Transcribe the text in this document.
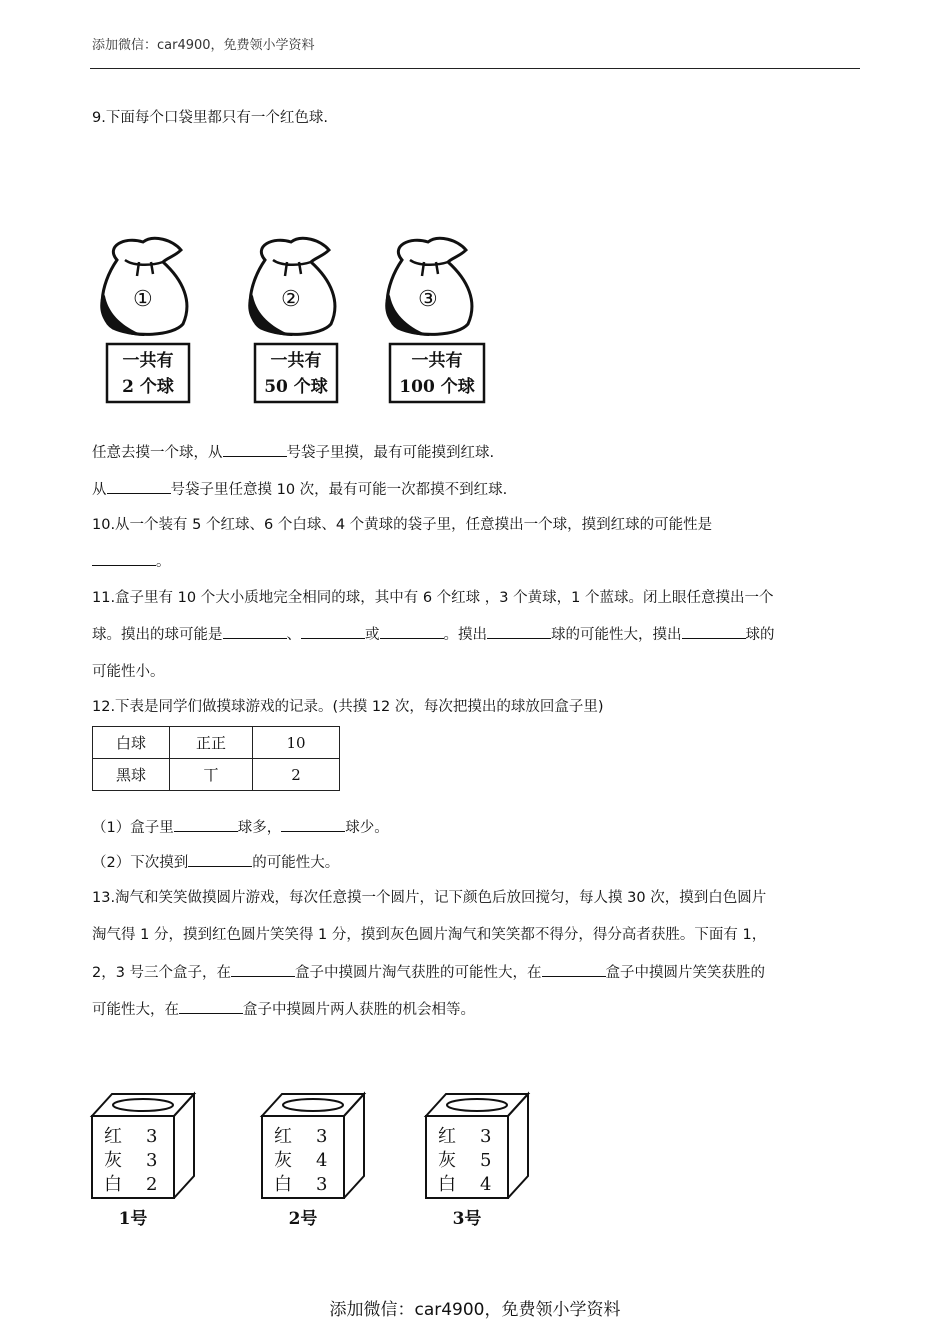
添加微信：car4900，免费领小学资料
9.下面每个口袋里都只有一个红色球.
①
一共有
2 个球
②
一共有
50 个球
③
一共有
100 个球
任意去摸一个球，从	号袋子里摸，最有可能摸到红球.
从	号袋子里任意摸 10 次，最有可能一次都摸不到红球.
10.从一个装有 5 个红球、6 个白球、4 个黄球的袋子里，任意摸出一个球，摸到红球的可能性是
。
11.盒子里有 10 个大小质地完全相同的球，其中有 6 个红球 ，3 个黄球，1 个蓝球。闭上眼任意摸出一个
球。摸出的球可能是	、	或	。摸出	球的可能性大，摸出	球的
可能性小。
12.下表是同学们做摸球游戏的记录。(共摸 12 次，每次把摸出的球放回盒子里)
白球	正正	10
黑球	丅	2
（1）盒子里	球多，	球少。
（2）下次摸到	的可能性大。
13.淘气和笑笑做摸圆片游戏，每次任意摸一个圆片，记下颜色后放回搅匀，每人摸 30 次，摸到白色圆片
淘气得 1 分，摸到红色圆片笑笑得 1 分，摸到灰色圆片淘气和笑笑都不得分，得分高者获胜。下面有 1，
2，3 号三个盒子，在	盒子中摸圆片淘气获胜的可能性大，在	盒子中摸圆片笑笑获胜的
可能性大，在	盒子中摸圆片两人获胜的机会相等。
红 3
灰 3
白 2
1号
红 3
灰 4
白 3
2号
红 3
灰 5
白 4
3号
添加微信：car4900，免费领小学资料
